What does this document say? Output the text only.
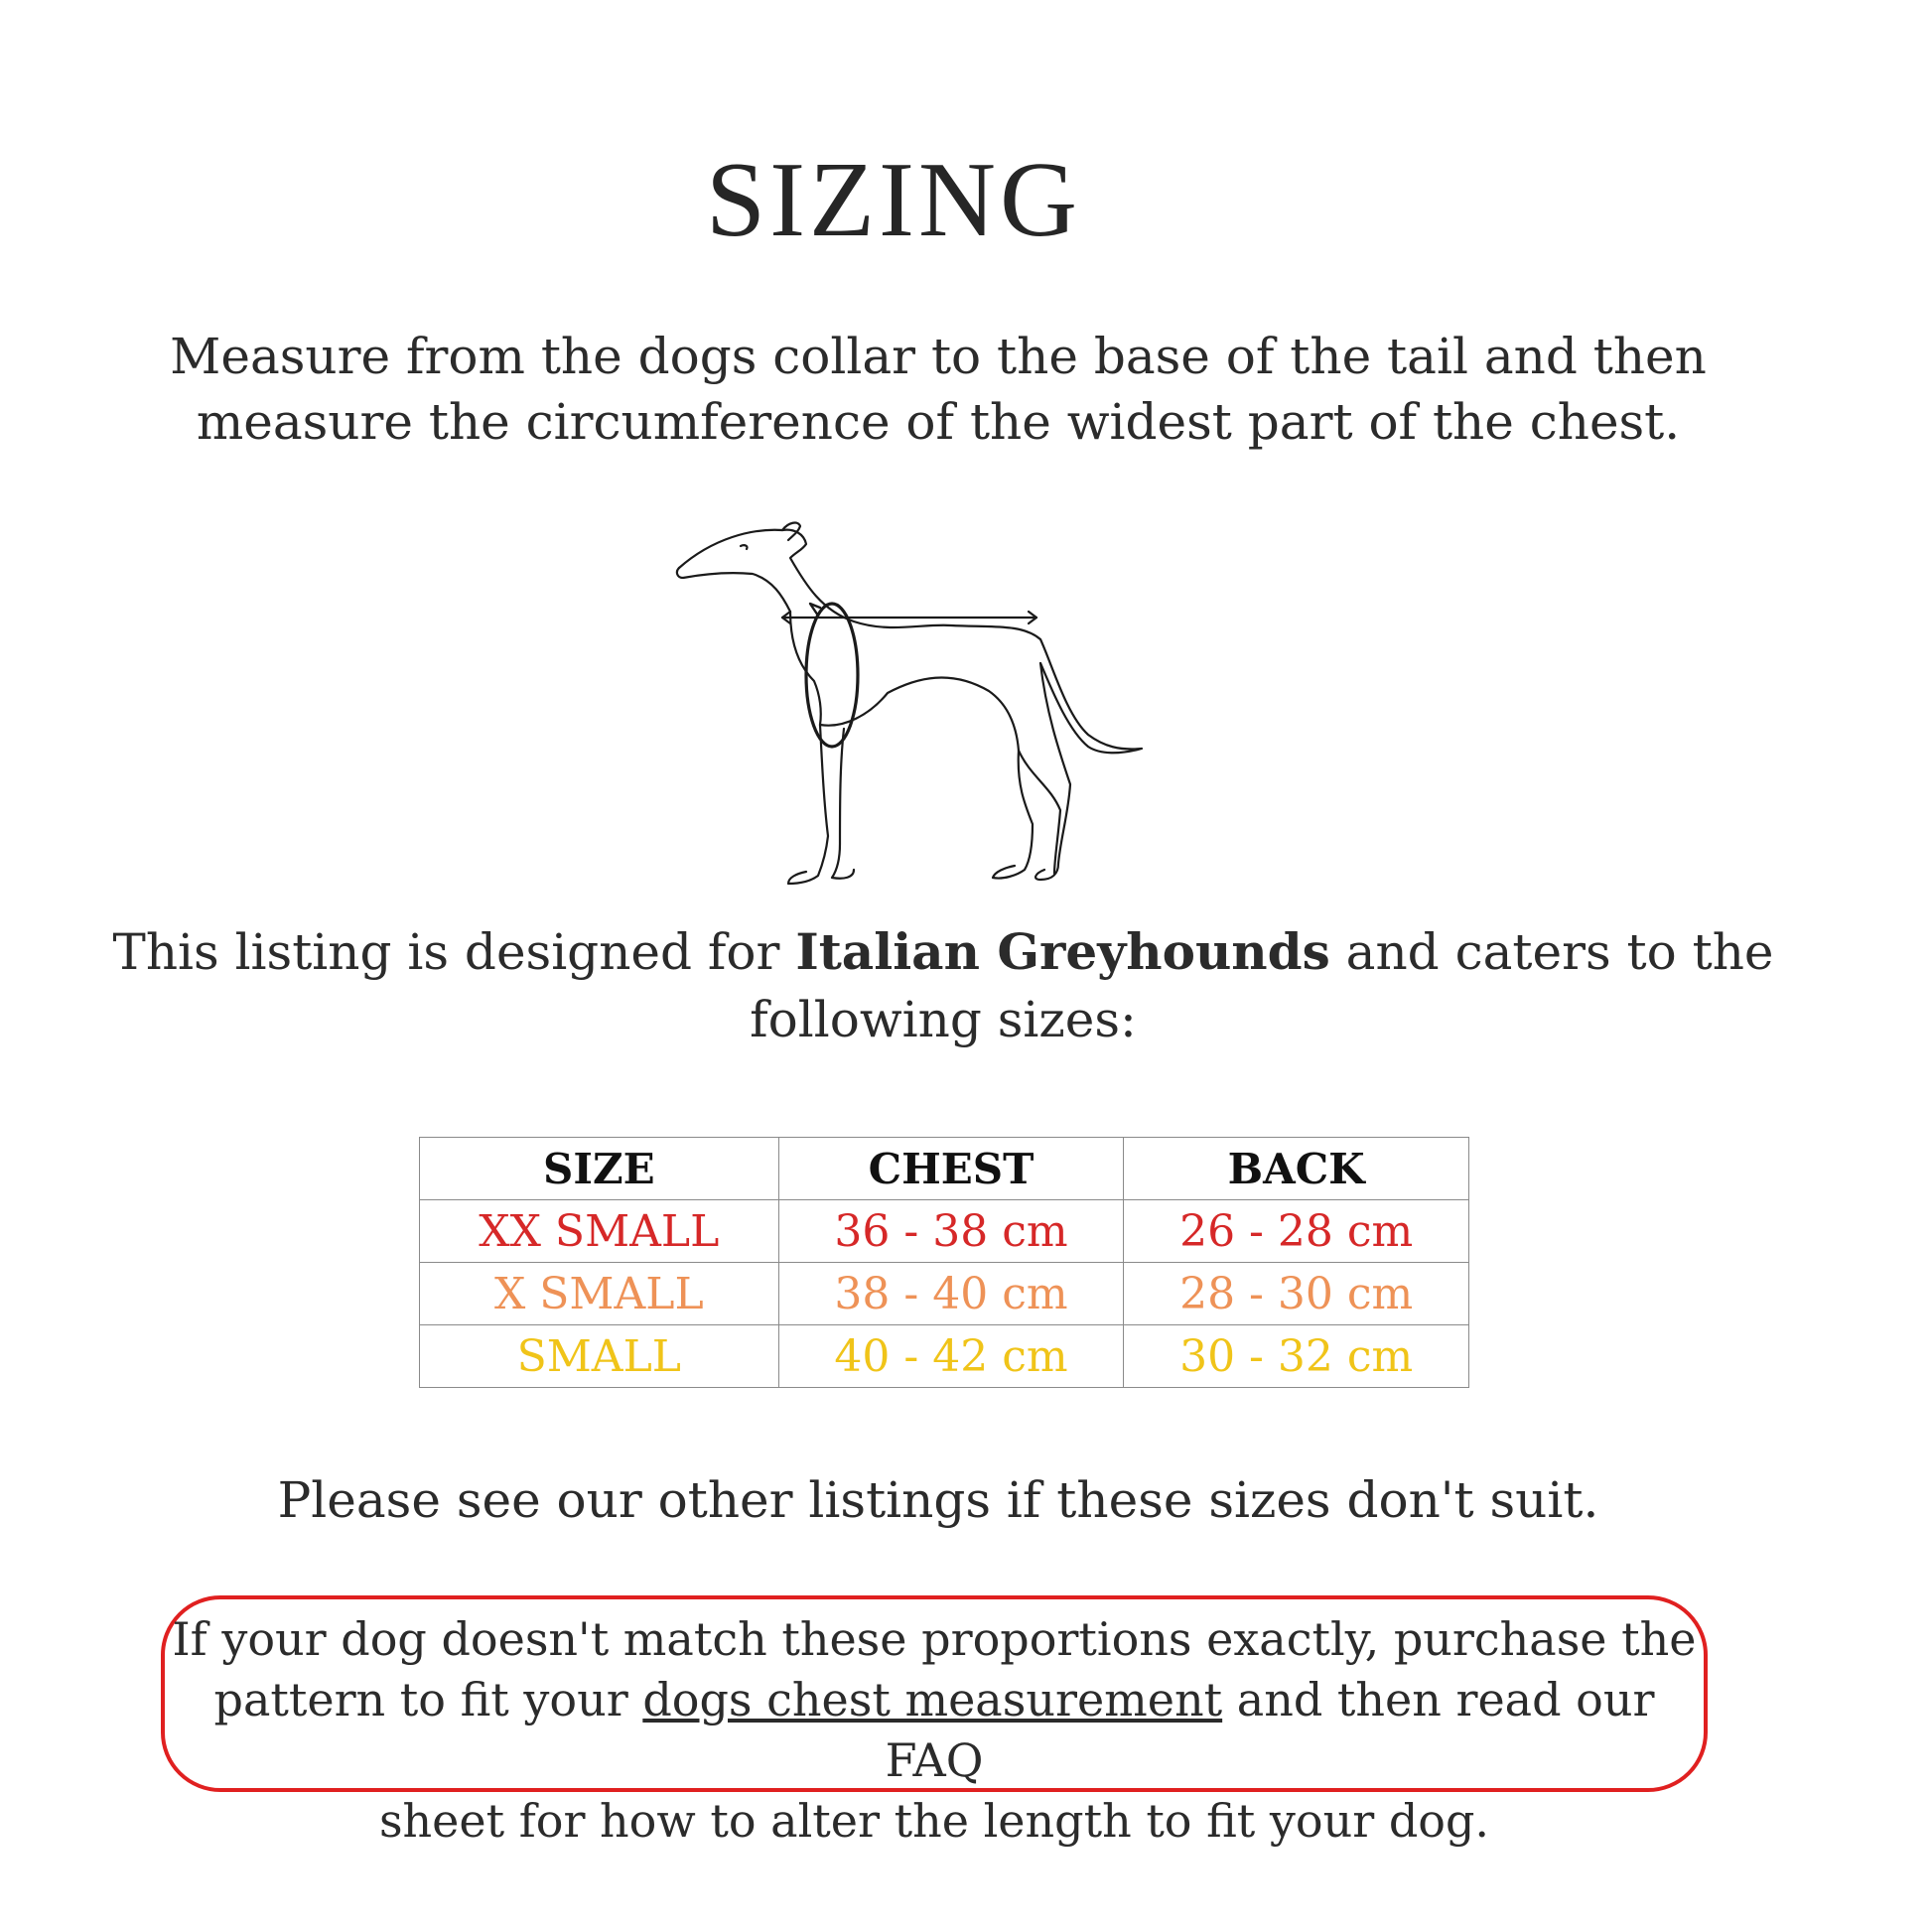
SIZING
Measure from the dogs collar to the base of the tail and then
measure the circumference of the widest part of the chest.
This listing is designed for Italian Greyhounds and caters to the
following sizes:
SIZE	CHEST	BACK
XX SMALL	36 - 38 cm	26 - 28 cm
X SMALL	38 - 40 cm	28 - 30 cm
SMALL	40 - 42 cm	30 - 32 cm
Please see our other listings if these sizes don't suit.
If your dog doesn't match these proportions exactly, purchase the
pattern to fit your dogs chest measurement and then read our FAQ
sheet for how to alter the length to fit your dog.
